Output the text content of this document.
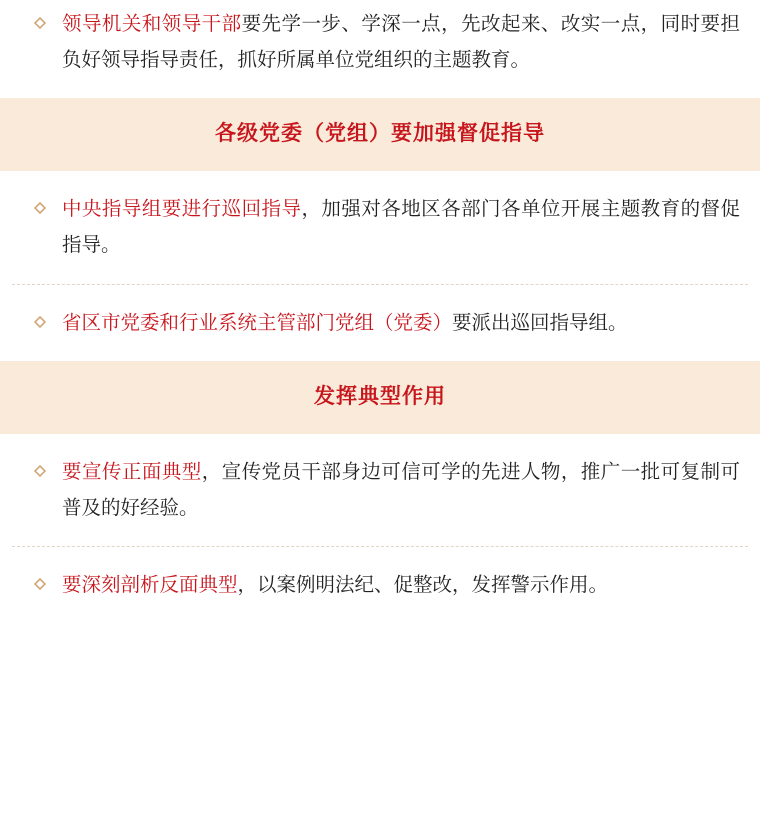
领导机关和领导干部要先学一步、学深一点，先改起来、改实一点，同时要担负好领导指导责任，抓好所属单位党组织的主题教育。
各级党委（党组）要加强督促指导
中央指导组要进行巡回指导，加强对各地区各部门各单位开展主题教育的督促指导。
省区市党委和行业系统主管部门党组（党委）要派出巡回指导组。
发挥典型作用
要宣传正面典型，宣传党员干部身边可信可学的先进人物，推广一批可复制可普及的好经验。
要深刻剖析反面典型，以案例明法纪、促整改，发挥警示作用。
